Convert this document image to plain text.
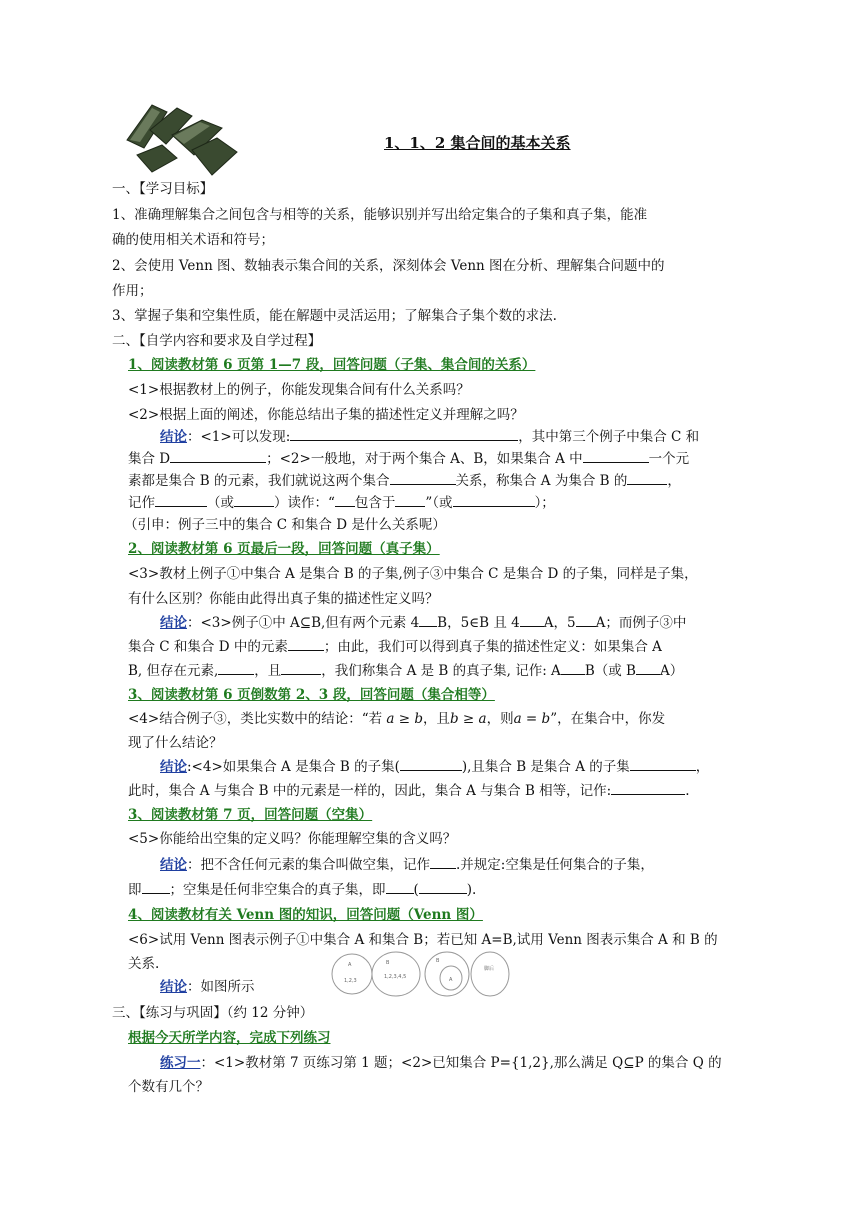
1、1、2 集合间的基本关系
一、【学习目标】
1、准确理解集合之间包含与相等的关系，能够识别并写出给定集合的子集和真子集，能准
确的使用相关术语和符号；
2、会使用 Venn 图、数轴表示集合间的关系，深刻体会 Venn 图在分析、理解集合问题中的
作用；
3、掌握子集和空集性质，能在解题中灵活运用；了解集合子集个数的求法.
二、【自学内容和要求及自学过程】
1、阅读教材第 6 页第 1—7 段，回答问题（子集、集合间的关系）
<1>根据教材上的例子，你能发现集合间有什么关系吗？
<2>根据上面的阐述，你能总结出子集的描述性定义并理解之吗？
结论：<1>可以发现:	，其中第三个例子中集合 C 和
集合 D	；<2>一般地，对于两个集合 A、B，如果集合 A 中	一个元
素都是集合 B 的元素，我们就说这两个集合	关系，称集合 A 为集合 B 的	，
记作	（或	）读作：“ 包含于 ”（或	）；
（引申：例子三中的集合 C 和集合 D 是什么关系呢）
2、阅读教材第 6 页最后一段，回答问题（真子集）
<3>教材上例子①中集合 A 是集合 B 的子集,例子③中集合 C 是集合 D 的子集，同样是子集，
有什么区别？你能由此得出真子集的描述性定义吗？
结论：<3>例子①中 A⊆B,但有两个元素 4 B，5∈B 且 4 A，5 A；而例子③中
集合 C 和集合 D 中的元素	；由此，我们可以得到真子集的描述性定义：如果集合 A
B, 但存在元素,	，且	，我们称集合 A 是 B 的真子集, 记作: A B（或 B A）
3、阅读教材第 6 页倒数第 2、3 段，回答问题（集合相等）
<4>结合例子③，类比实数中的结论：“若 a ≥ b，且b ≥ a，则a = b”，在集合中，你发
现了什么结论？
结论:<4>如果集合 A 是集合 B 的子集(	),且集合 B 是集合 A 的子集	，
此时，集合 A 与集合 B 中的元素是一样的，因此，集合 A 与集合 B 相等，记作:	.
3、阅读教材第 7 页，回答问题（空集）
<5>你能给出空集的定义吗？你能理解空集的含义吗？
结论：把不含任何元素的集合叫做空集，记作 .并规定:空集是任何集合的子集，
即 ；空集是任何非空集合的真子集，即 (	).
4、阅读教材有关 Venn 图的知识，回答问题（Venn 图）
<6>试用 Venn 图表示例子①中集合 A 和集合 B；若已知 A=B,试用 Venn 图表示集合 A 和 B 的
关系.
结论：如图所示
A
1,2,3
B
1,2,3,4,5
B
A
脚后
三、【练习与巩固】（约 12 分钟）
根据今天所学内容，完成下列练习
练习一：<1>教材第 7 页练习第 1 题；<2>已知集合 P={1,2},那么满足 Q⊆P 的集合 Q 的
个数有几个？
